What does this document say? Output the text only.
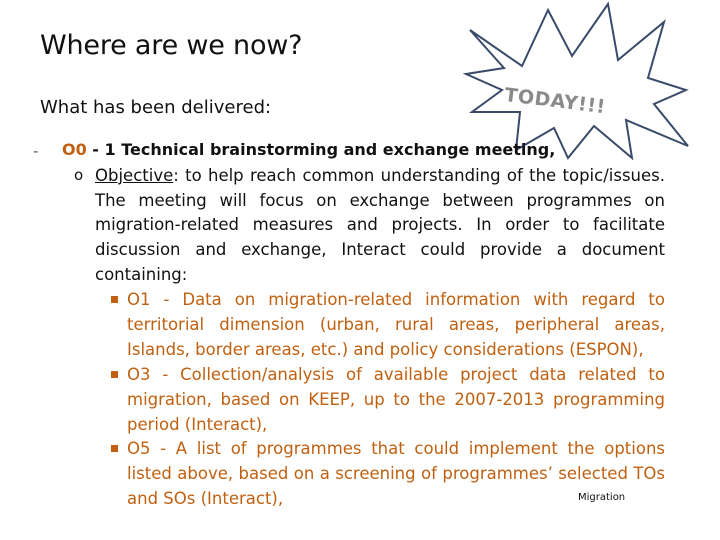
Where are we now?
What has been delivered:	TODAY!!!
- O0 - 1 Technical brainstorming and exchange meeting,
o Objective: to help reach common understanding of the topic/issues. The meeting will focus on exchange between programmes on migration-related measures and projects. In order to facilitate discussion and exchange, Interact could provide a document containing:
O1 - Data on migration-related information with regard to territorial dimension (urban, rural areas, peripheral areas, Islands, border areas, etc.) and policy considerations (ESPON),
O3 - Collection/analysis of available project data related to migration, based on KEEP, up to the 2007-2013 programming period (Interact),
O5 - A list of programmes that could implement the options listed above, based on a screening of programmes’ selected TOs and SOs (Interact),	Migration
